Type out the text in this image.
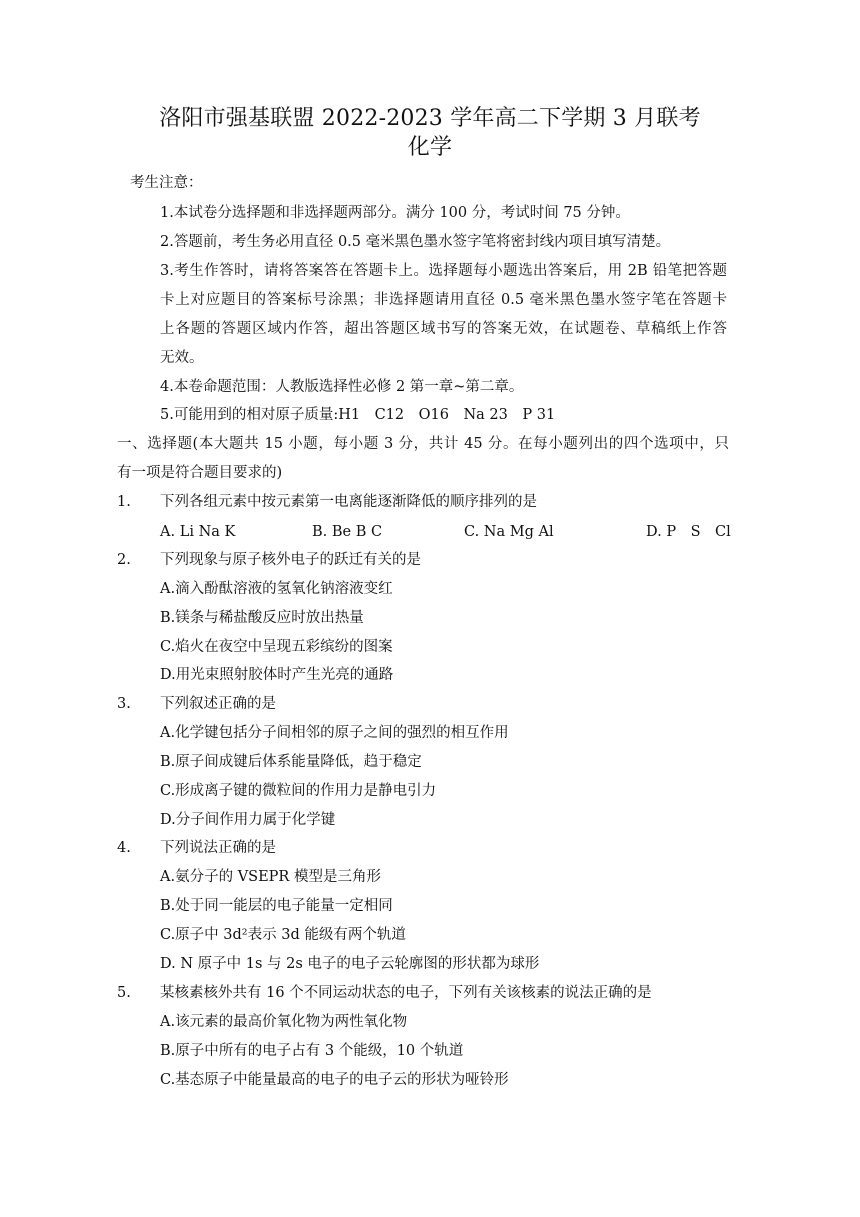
洛阳市强基联盟 2022-2023 学年高二下学期 3 月联考
化学
考生注意：
1.本试卷分选择题和非选择题两部分。满分 100 分，考试时间 75 分钟。
2.答题前，考生务必用直径 0.5 毫米黑色墨水签字笔将密封线内项目填写清楚。
3.考生作答时，请将答案答在答题卡上。选择题每小题选出答案后，用 2B 铅笔把答题
卡上对应题目的答案标号涂黑；非选择题请用直径 0.5 毫米黑色墨水签字笔在答题卡
上各题的答题区域内作答，超出答题区域书写的答案无效，在试题卷、草稿纸上作答
无效。
4.本卷命题范围：人教版选择性必修 2 第一章~第二章。
5.可能用到的相对原子质量:H1　C12　O16　Na 23　P 31
一、选择题(本大题共 15 小题，每小题 3 分，共计 45 分。在每小题列出的四个选项中，只
有一项是符合题目要求的)
1. 下列各组元素中按元素第一电离能逐渐降低的顺序排列的是
A. Li Na K	B. Be B C	C. Na Mg Al	D. P　S　Cl
2. 下列现象与原子核外电子的跃迁有关的是
A.滴入酚酞溶液的氢氧化钠溶液变红
B.镁条与稀盐酸反应时放出热量
C.焰火在夜空中呈现五彩缤纷的图案
D.用光束照射胶体时产生光亮的通路
3. 下列叙述正确的是
A.化学键包括分子间相邻的原子之间的强烈的相互作用
B.原子间成键后体系能量降低，趋于稳定
C.形成离子键的微粒间的作用力是静电引力
D.分子间作用力属于化学键
4. 下列说法正确的是
A.氨分子的 VSEPR 模型是三角形
B.处于同一能层的电子能量一定相同
C.原子中 3d²表示 3d 能级有两个轨道
D. N 原子中 1s 与 2s 电子的电子云轮廓图的形状都为球形
5. 某核素核外共有 16 个不同运动状态的电子，下列有关该核素的说法正确的是
A.该元素的最高价氧化物为两性氧化物
B.原子中所有的电子占有 3 个能级，10 个轨道
C.基态原子中能量最高的电子的电子云的形状为哑铃形
